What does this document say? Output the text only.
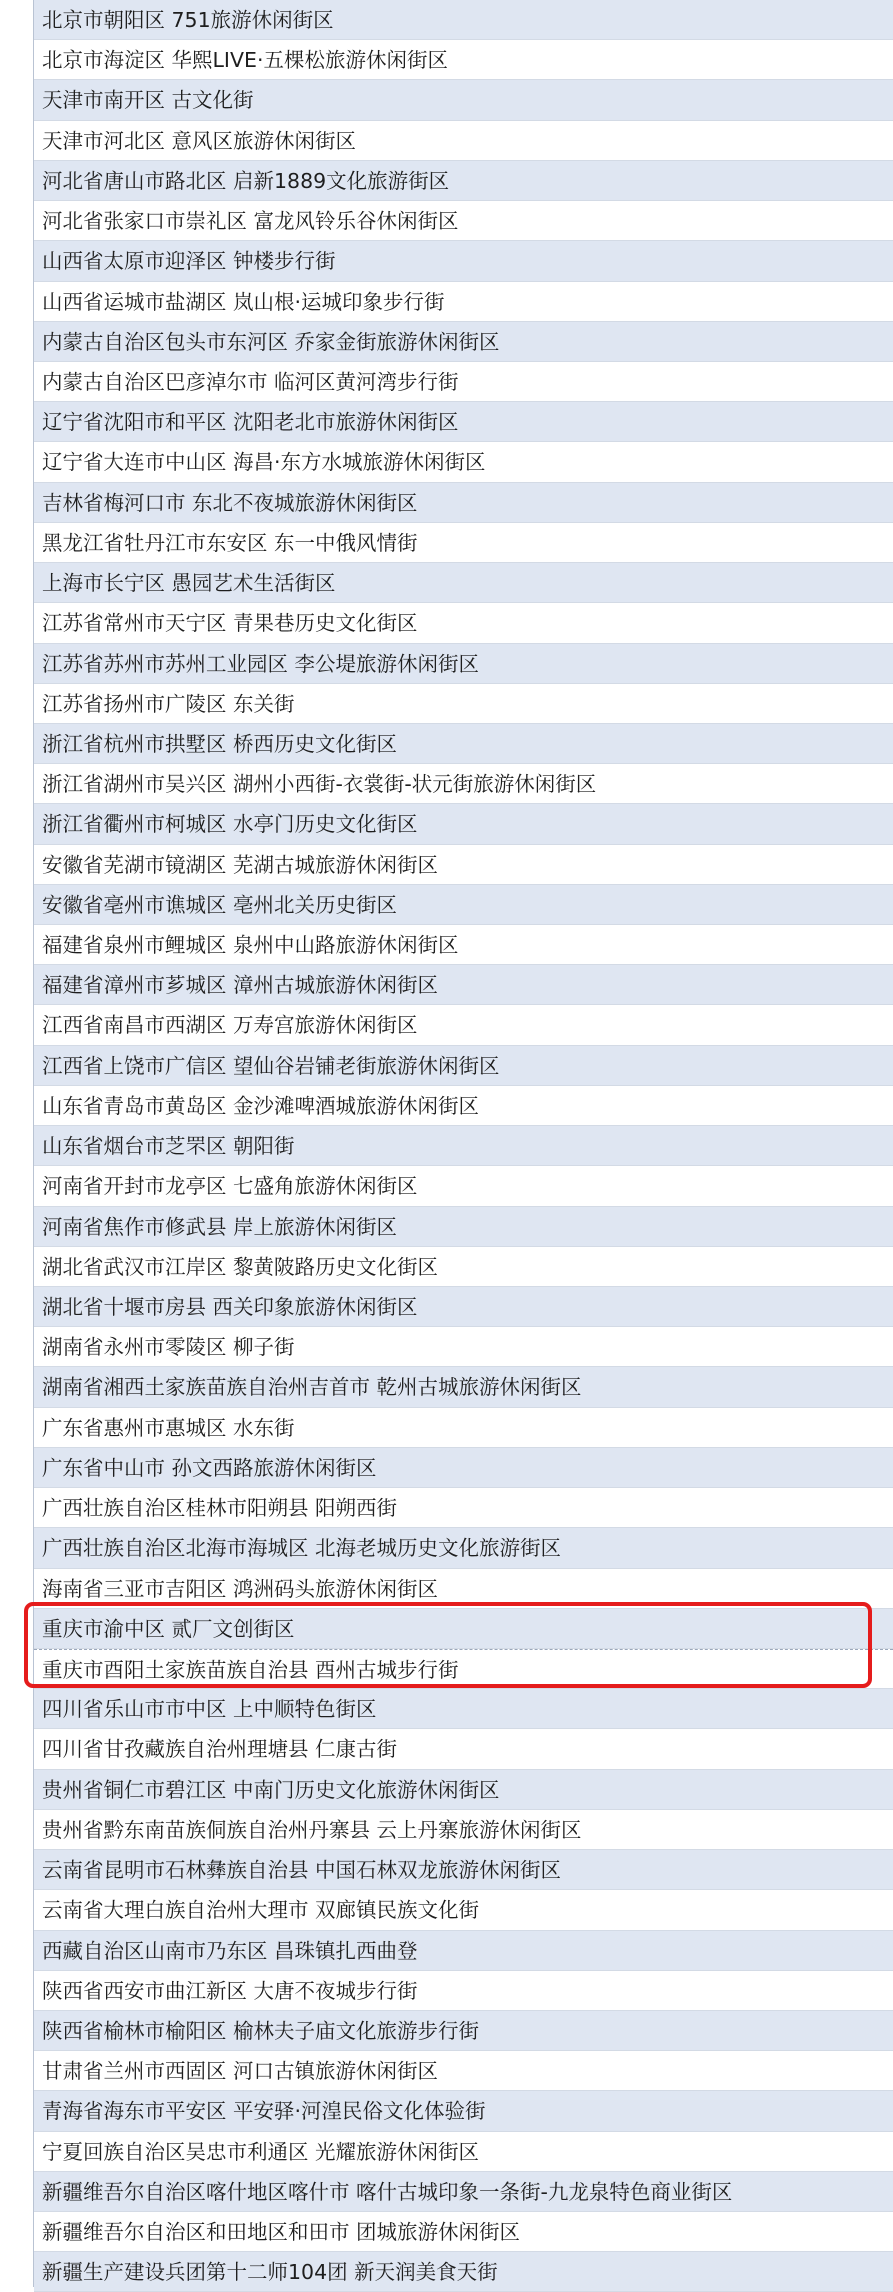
北京市朝阳区 751旅游休闲街区
北京市海淀区 华熙LIVE·五棵松旅游休闲街区
天津市南开区 古文化街
天津市河北区 意风区旅游休闲街区
河北省唐山市路北区 启新1889文化旅游街区
河北省张家口市崇礼区 富龙风铃乐谷休闲街区
山西省太原市迎泽区 钟楼步行街
山西省运城市盐湖区 岚山根·运城印象步行街
内蒙古自治区包头市东河区 乔家金街旅游休闲街区
内蒙古自治区巴彦淖尔市 临河区黄河湾步行街
辽宁省沈阳市和平区 沈阳老北市旅游休闲街区
辽宁省大连市中山区 海昌·东方水城旅游休闲街区
吉林省梅河口市 东北不夜城旅游休闲街区
黑龙江省牡丹江市东安区 东一中俄风情街
上海市长宁区 愚园艺术生活街区
江苏省常州市天宁区 青果巷历史文化街区
江苏省苏州市苏州工业园区 李公堤旅游休闲街区
江苏省扬州市广陵区 东关街
浙江省杭州市拱墅区 桥西历史文化街区
浙江省湖州市吴兴区 湖州小西街-衣裳街-状元街旅游休闲街区
浙江省衢州市柯城区 水亭门历史文化街区
安徽省芜湖市镜湖区 芜湖古城旅游休闲街区
安徽省亳州市谯城区 亳州北关历史街区
福建省泉州市鲤城区 泉州中山路旅游休闲街区
福建省漳州市芗城区 漳州古城旅游休闲街区
江西省南昌市西湖区 万寿宫旅游休闲街区
江西省上饶市广信区 望仙谷岩铺老街旅游休闲街区
山东省青岛市黄岛区 金沙滩啤酒城旅游休闲街区
山东省烟台市芝罘区 朝阳街
河南省开封市龙亭区 七盛角旅游休闲街区
河南省焦作市修武县 岸上旅游休闲街区
湖北省武汉市江岸区 黎黄陂路历史文化街区
湖北省十堰市房县 西关印象旅游休闲街区
湖南省永州市零陵区 柳子街
湖南省湘西土家族苗族自治州吉首市 乾州古城旅游休闲街区
广东省惠州市惠城区 水东街
广东省中山市 孙文西路旅游休闲街区
广西壮族自治区桂林市阳朔县 阳朔西街
广西壮族自治区北海市海城区 北海老城历史文化旅游街区
海南省三亚市吉阳区 鸿洲码头旅游休闲街区
重庆市渝中区 贰厂文创街区
重庆市酉阳土家族苗族自治县 酉州古城步行街
四川省乐山市市中区 上中顺特色街区
四川省甘孜藏族自治州理塘县 仁康古街
贵州省铜仁市碧江区 中南门历史文化旅游休闲街区
贵州省黔东南苗族侗族自治州丹寨县 云上丹寨旅游休闲街区
云南省昆明市石林彝族自治县 中国石林双龙旅游休闲街区
云南省大理白族自治州大理市 双廊镇民族文化街
西藏自治区山南市乃东区 昌珠镇扎西曲登
陕西省西安市曲江新区 大唐不夜城步行街
陕西省榆林市榆阳区 榆林夫子庙文化旅游步行街
甘肃省兰州市西固区 河口古镇旅游休闲街区
青海省海东市平安区 平安驿·河湟民俗文化体验街
宁夏回族自治区吴忠市利通区 光耀旅游休闲街区
新疆维吾尔自治区喀什地区喀什市 喀什古城印象一条街-九龙泉特色商业街区
新疆维吾尔自治区和田地区和田市 团城旅游休闲街区
新疆生产建设兵团第十二师104团 新天润美食天街
